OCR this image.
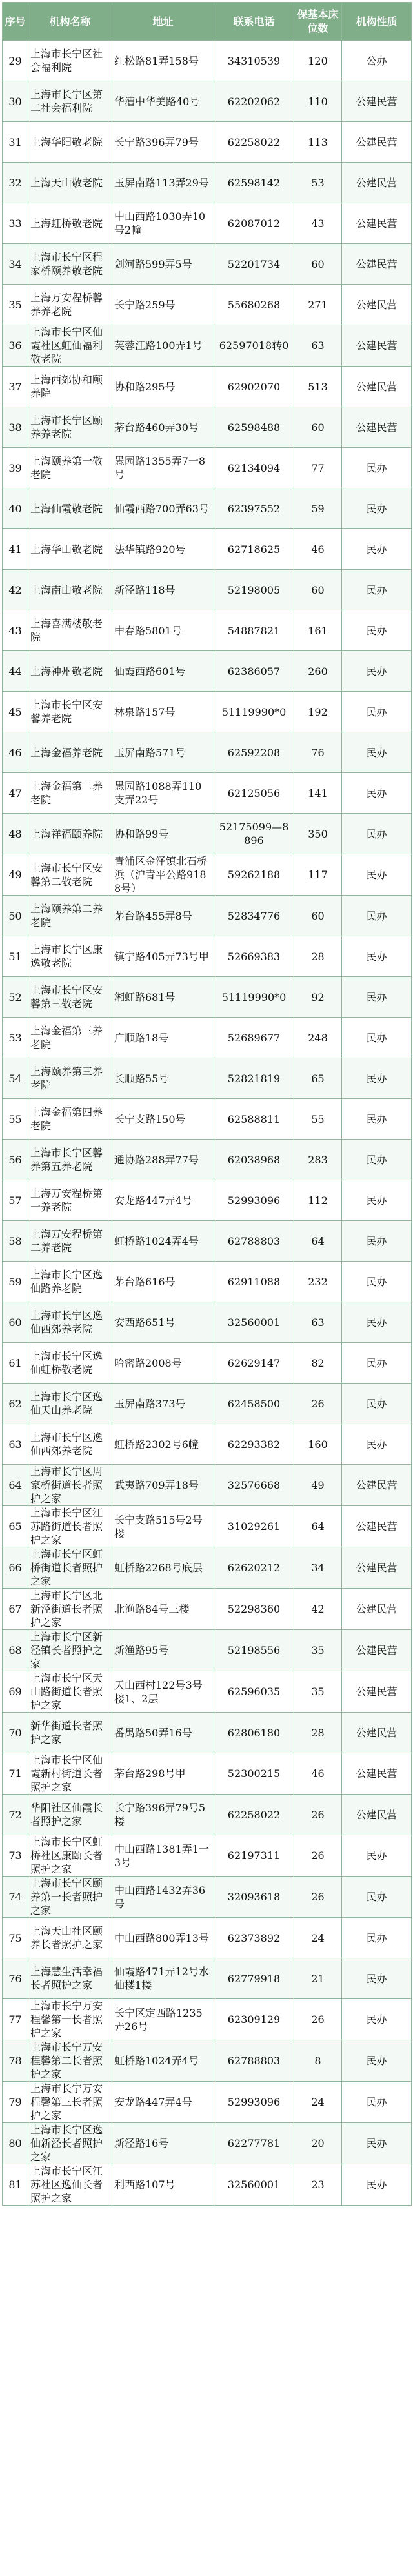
序号	机构名称	地址	联系电话	保基本床位数	机构性质
29	上海市长宁区社会福利院	红松路81弄158号	34310539	120	公办
30	上海市长宁区第二社会福利院	华漕中华美路40号	62202062	110	公建民营
31	上海华阳敬老院	长宁路396弄79号	62258022	113	公建民营
32	上海天山敬老院	玉屏南路113弄29号	62598142	53	公建民营
33	上海虹桥敬老院	中山西路1030弄10号2幢	62087012	43	公建民营
34	上海市长宁区程家桥颐养敬老院	剑河路599弄5号	52201734	60	公建民营
35	上海万安程桥馨养养老院	长宁路259号	55680268	271	公建民营
36	上海市长宁区仙霞社区虹仙福利敬老院	芙蓉江路100弄1号	62597018转0	63	公建民营
37	上海西郊协和颐养院	协和路295号	62902070	513	公建民营
38	上海市长宁区颐养养老院	茅台路460弄30号	62598488	60	公建民营
39	上海颐养第一敬老院	愚园路1355弄7一8号	62134094	77	民办
40	上海仙霞敬老院	仙霞西路700弄63号	62397552	59	民办
41	上海华山敬老院	法华镇路920号	62718625	46	民办
42	上海南山敬老院	新泾路118号	52198005	60	民办
43	上海喜满楼敬老院	中春路5801号	54887821	161	民办
44	上海神州敬老院	仙霞西路601号	62386057	260	民办
45	上海市长宁区安馨养老院	林泉路157号	51119990*0	192	民办
46	上海金福养老院	玉屏南路571号	62592208	76	民办
47	上海金福第二养老院	愚园路1088弄110支弄22号	62125056	141	民办
48	上海祥福颐养院	协和路99号	52175099—8896	350	民办
49	上海市长宁区安馨第二敬老院	青浦区金泽镇北石桥浜（沪青平公路9188号）	59262188	117	民办
50	上海颐养第二养老院	茅台路455弄8号	52834776	60	民办
51	上海市长宁区康逸敬老院	镇宁路405弄73号甲	52669383	28	民办
52	上海市长宁区安馨第三敬老院	湘虹路681号	51119990*0	92	民办
53	上海金福第三养老院	广顺路18号	52689677	248	民办
54	上海颐养第三养老院	长顺路55号	52821819	65	民办
55	上海金福第四养老院	长宁支路150号	62588811	55	民办
56	上海市长宁区馨养第五养老院	通协路288弄77号	62038968	283	民办
57	上海万安程桥第一养老院	安龙路447弄4号	52993096	112	民办
58	上海万安程桥第二养老院	虹桥路1024弄4号	62788803	64	民办
59	上海市长宁区逸仙路养老院	茅台路616号	62911088	232	民办
60	上海市长宁区逸仙西郊养老院	安西路651号	32560001	63	民办
61	上海市长宁区逸仙虹桥敬老院	哈密路2008号	62629147	82	民办
62	上海市长宁区逸仙天山养老院	玉屏南路373号	62458500	26	民办
63	上海市长宁区逸仙西郊养老院	虹桥路2302号6幢	62293382	160	民办
64	上海市长宁区周家桥街道长者照护之家	武夷路709弄18号	32576668	49	公建民营
65	上海市长宁区江苏路街道长者照护之家	长宁支路515号2号楼	31029261	64	公建民营
66	上海市长宁区虹桥街道长者照护之家	虹桥路2268号底层	62620212	34	公建民营
67	上海市长宁区北新泾街道长者照护之家	北渔路84号三楼	52298360	42	公建民营
68	上海市长宁区新泾镇长者照护之家	新渔路95号	52198556	35	公建民营
69	上海市长宁区天山路街道长者照护之家	天山西村122号3号楼1、2层	62596035	35	公建民营
70	新华街道长者照护之家	番禺路50弄16号	62806180	28	公建民营
71	上海市长宁区仙霞新村街道长者照护之家	茅台路298号甲	52300215	46	公建民营
72	华阳社区仙霞长者照护之家	长宁路396弄79号5楼	62258022	26	公建民营
73	上海市长宁区虹桥社区康颐长者照护之家	中山西路1381弄1一3号	62197311	26	民办
74	上海市长宁区颐养第一长者照护之家	中山西路1432弄36号	32093618	26	民办
75	上海天山社区颐养长者照护之家	中山西路800弄13号	62373892	24	民办
76	上海慧生活幸福长者照护之家	仙霞路471弄12号水仙楼1楼	62779918	21	民办
77	上海市长宁万安程馨第一长者照护之家	长宁区定西路1235弄26号	62309129	26	民办
78	上海市长宁万安程馨第二长者照护之家	虹桥路1024弄4号	62788803	8	民办
79	上海市长宁万安程馨第三长者照护之家	安龙路447弄4号	52993096	24	民办
80	上海市长宁区逸仙新泾长者照护之家	新泾路16号	62277781	20	民办
81	上海市长宁区江苏社区逸仙长者照护之家	利西路107号	32560001	23	民办
